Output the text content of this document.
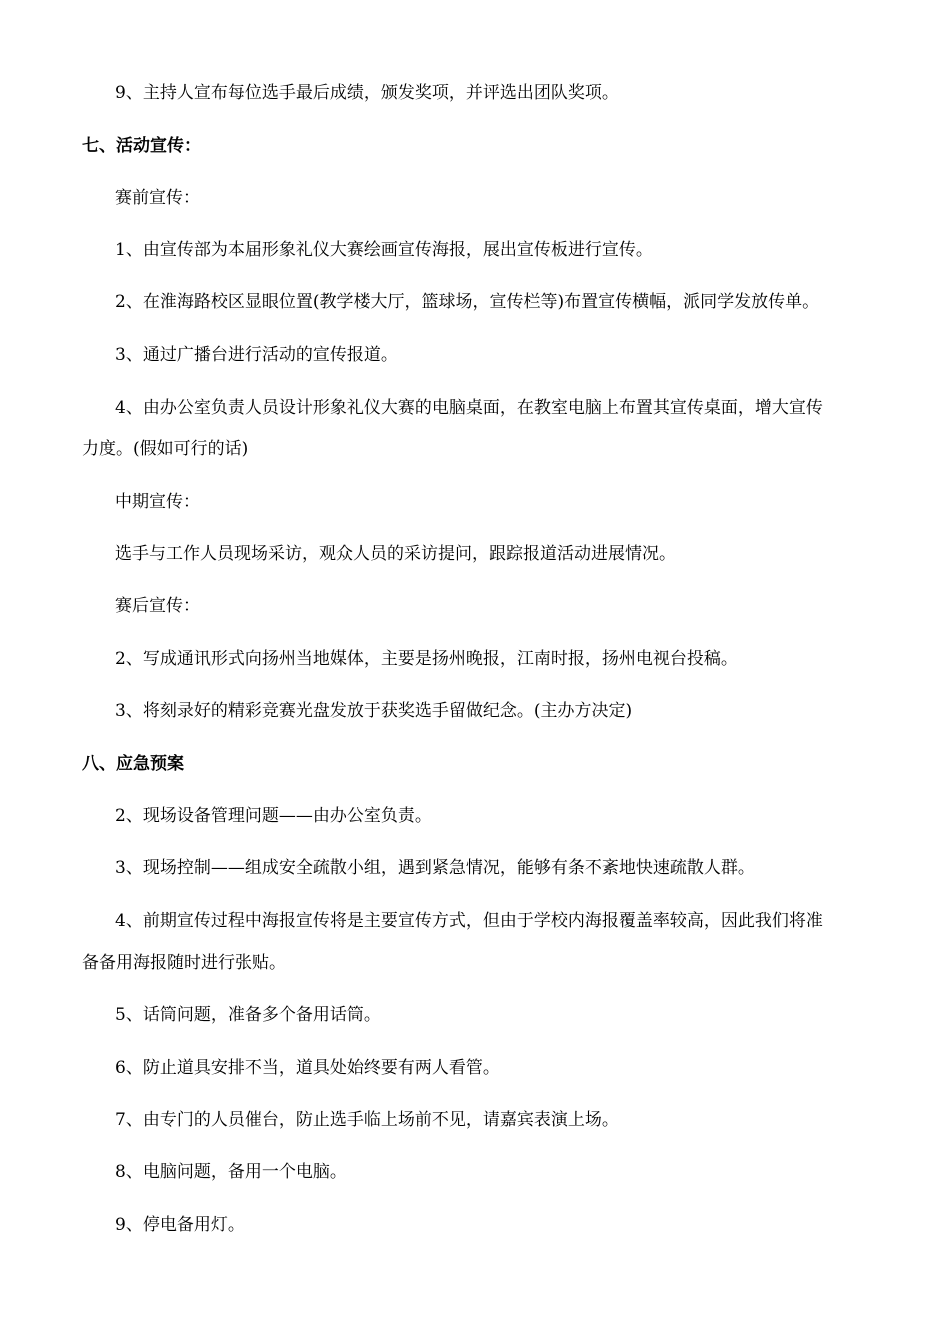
9、主持人宣布每位选手最后成绩，颁发奖项，并评选出团队奖项。
七、活动宣传：
赛前宣传：
1、由宣传部为本届形象礼仪大赛绘画宣传海报，展出宣传板进行宣传。
2、在淮海路校区显眼位置(教学楼大厅，篮球场，宣传栏等)布置宣传横幅，派同学发放传单。
3、通过广播台进行活动的宣传报道。
4、由办公室负责人员设计形象礼仪大赛的电脑桌面，在教室电脑上布置其宣传桌面，增大宣传
力度。(假如可行的话)
中期宣传：
选手与工作人员现场采访，观众人员的采访提问，跟踪报道活动进展情况。
赛后宣传：
2、写成通讯形式向扬州当地媒体，主要是扬州晚报，江南时报，扬州电视台投稿。
3、将刻录好的精彩竞赛光盘发放于获奖选手留做纪念。(主办方决定)
八、应急预案
2、现场设备管理问题——由办公室负责。
3、现场控制——组成安全疏散小组，遇到紧急情况，能够有条不紊地快速疏散人群。
4、前期宣传过程中海报宣传将是主要宣传方式，但由于学校内海报覆盖率较高，因此我们将准
备备用海报随时进行张贴。
5、话筒问题，准备多个备用话筒。
6、防止道具安排不当，道具处始终要有两人看管。
7、由专门的人员催台，防止选手临上场前不见，请嘉宾表演上场。
8、电脑问题，备用一个电脑。
9、停电备用灯。
